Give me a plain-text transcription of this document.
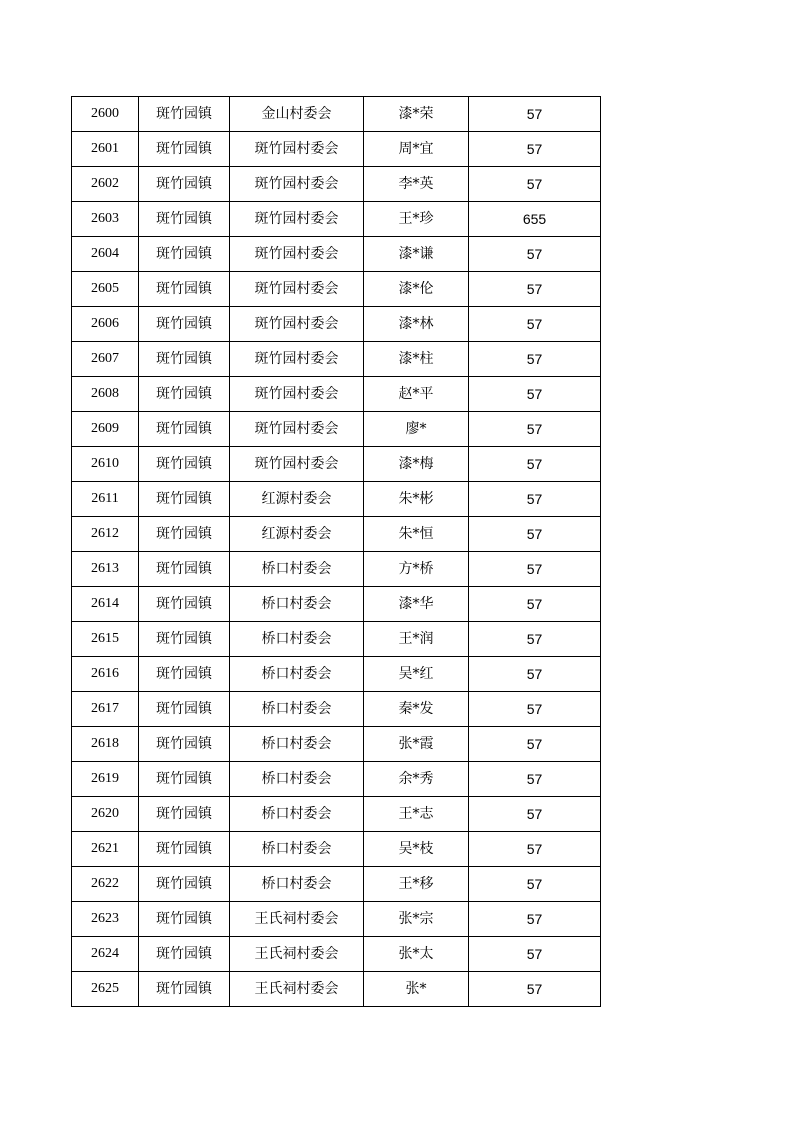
2600	斑竹园镇	金山村委会	漆*荣	57
2601	斑竹园镇	斑竹园村委会	周*宜	57
2602	斑竹园镇	斑竹园村委会	李*英	57
2603	斑竹园镇	斑竹园村委会	王*珍	655
2604	斑竹园镇	斑竹园村委会	漆*谦	57
2605	斑竹园镇	斑竹园村委会	漆*伦	57
2606	斑竹园镇	斑竹园村委会	漆*林	57
2607	斑竹园镇	斑竹园村委会	漆*柱	57
2608	斑竹园镇	斑竹园村委会	赵*平	57
2609	斑竹园镇	斑竹园村委会	廖*	57
2610	斑竹园镇	斑竹园村委会	漆*梅	57
2611	斑竹园镇	红源村委会	朱*彬	57
2612	斑竹园镇	红源村委会	朱*恒	57
2613	斑竹园镇	桥口村委会	方*桥	57
2614	斑竹园镇	桥口村委会	漆*华	57
2615	斑竹园镇	桥口村委会	王*润	57
2616	斑竹园镇	桥口村委会	吴*红	57
2617	斑竹园镇	桥口村委会	秦*发	57
2618	斑竹园镇	桥口村委会	张*霞	57
2619	斑竹园镇	桥口村委会	余*秀	57
2620	斑竹园镇	桥口村委会	王*志	57
2621	斑竹园镇	桥口村委会	吴*枝	57
2622	斑竹园镇	桥口村委会	王*移	57
2623	斑竹园镇	王氏祠村委会	张*宗	57
2624	斑竹园镇	王氏祠村委会	张*太	57
2625	斑竹园镇	王氏祠村委会	张*	57
